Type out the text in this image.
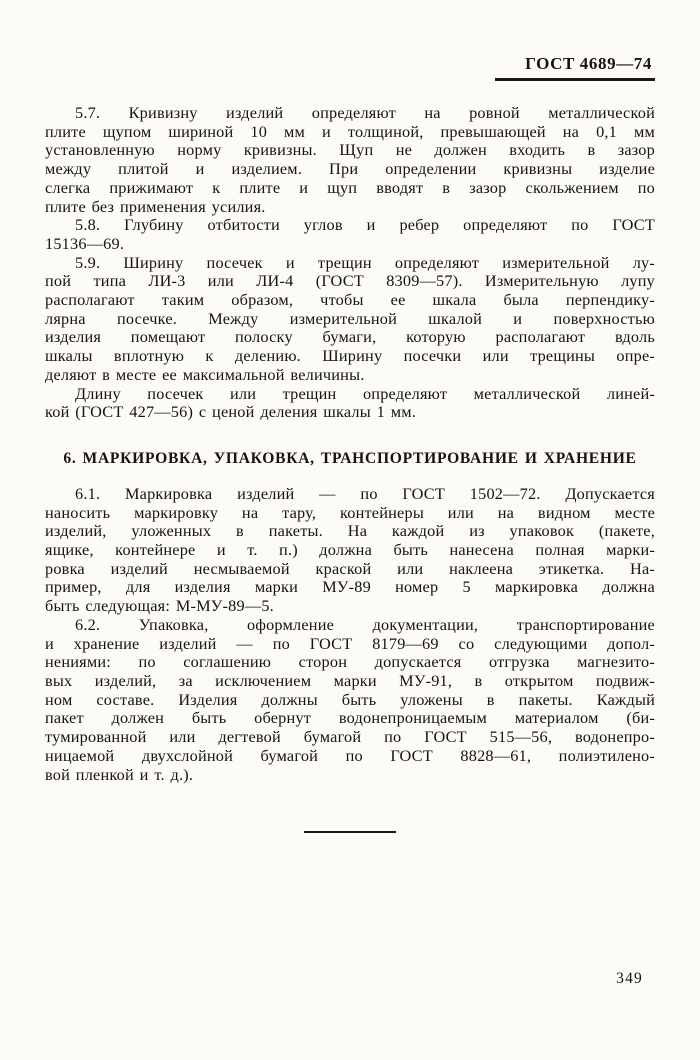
ГОСТ 4689—74
5.7. Кривизну изделий определяют на ровной металлической
плите щупом шириной 10 мм и толщиной, превышающей на 0,1 мм
установленную норму кривизны. Щуп не должен входить в зазор
между плитой и изделием. При определении кривизны изделие
слегка прижимают к плите и щуп вводят в зазор скольжением по
плите без применения усилия.
5.8. Глубину отбитости углов и ребер определяют по ГОСТ
15136—69.
5.9. Ширину посечек и трещин определяют измерительной лу-
пой типа ЛИ-3 или ЛИ-4 (ГОСТ 8309—57). Измерительную лупу
располагают таким образом, чтобы ее шкала была перпендику-
лярна посечке. Между измерительной шкалой и поверхностью
изделия помещают полоску бумаги, которую располагают вдоль
шкалы вплотную к делению. Ширину посечки или трещины опре-
деляют в месте ее максимальной величины.
Длину посечек или трещин определяют металлической линей-
кой (ГОСТ 427—56) с ценой деления шкалы 1 мм.
6. МАРКИРОВКА, УПАКОВКА, ТРАНСПОРТИРОВАНИЕ И ХРАНЕНИЕ
6.1. Маркировка изделий — по ГОСТ 1502—72. Допускается
наносить маркировку на тару, контейнеры или на видном месте
изделий, уложенных в пакеты. На каждой из упаковок (пакете,
ящике, контейнере и т. п.) должна быть нанесена полная марки-
ровка изделий несмываемой краской или наклеена этикетка. На-
пример, для изделия марки МУ-89 номер 5 маркировка должна
быть следующая: М-МУ-89—5.
6.2. Упаковка, оформление документации, транспортирование
и хранение изделий — по ГОСТ 8179—69 со следующими допол-
нениями: по соглашению сторон допускается отгрузка магнезито-
вых изделий, за исключением марки МУ-91, в открытом подвиж-
ном составе. Изделия должны быть уложены в пакеты. Каждый
пакет должен быть обернут водонепроницаемым материалом (би-
тумированной или дегтевой бумагой по ГОСТ 515—56, водонепро-
ницаемой двухслойной бумагой по ГОСТ 8828—61, полиэтилено-
вой пленкой и т. д.).
349
